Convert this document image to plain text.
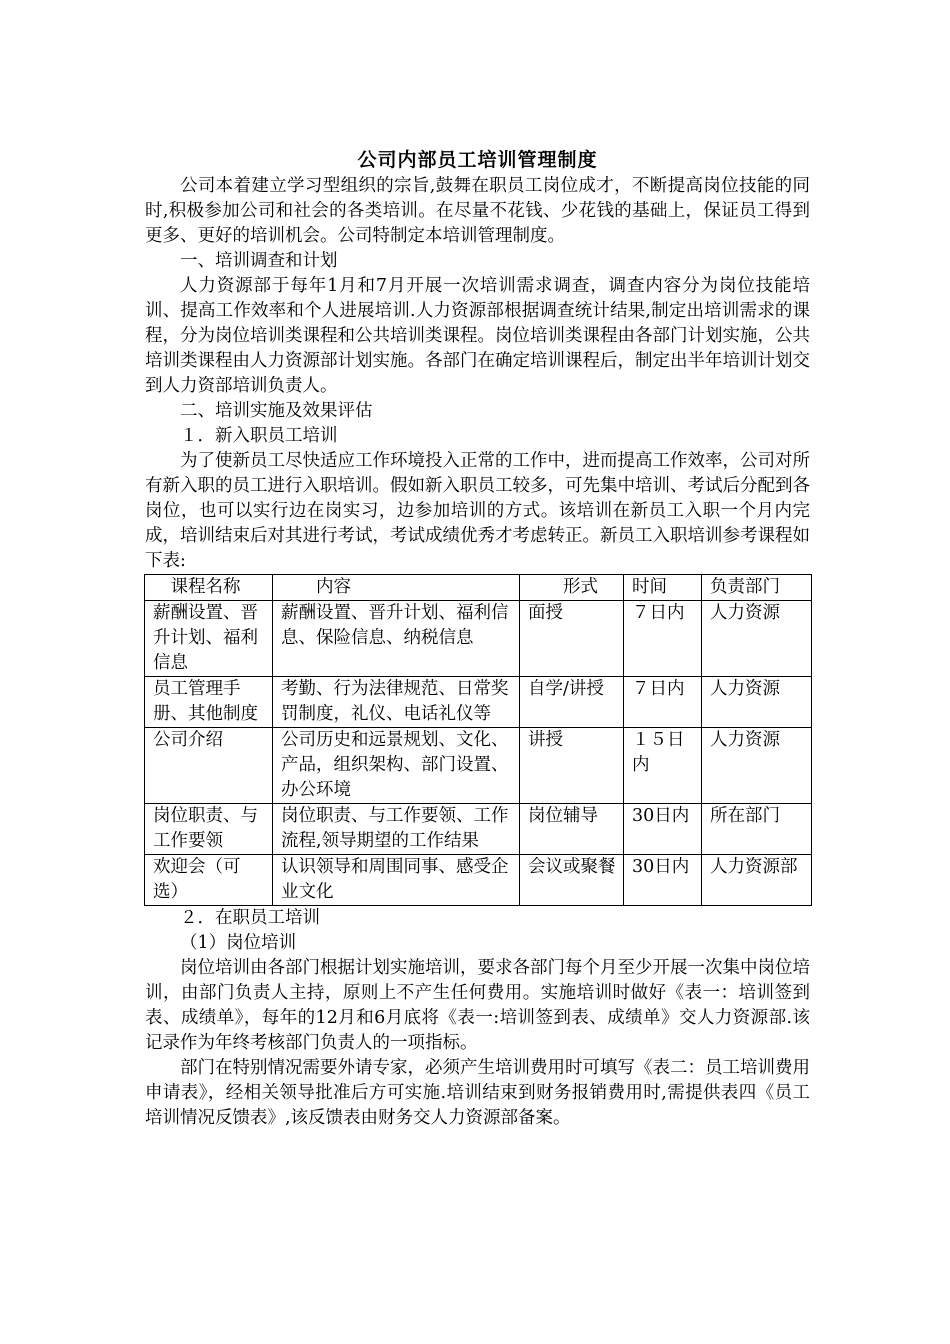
公司内部员工培训管理制度

公司本着建立学习型组织的宗旨,鼓舞在职员工岗位成才，不断提高岗位技能的同时,积极参加公司和社会的各类培训。在尽量不花钱、少花钱的基础上，保证员工得到更多、更好的培训机会。公司特制定本培训管理制度。

一、培训调查和计划

人力资源部于每年1月和7月开展一次培训需求调查，调查内容分为岗位技能培训、提高工作效率和个人进展培训.人力资源部根据调查统计结果,制定出培训需求的课程，分为岗位培训类课程和公共培训类课程。岗位培训类课程由各部门计划实施，公共培训类课程由人力资源部计划实施。各部门在确定培训课程后，制定出半年培训计划交到人力资部培训负责人。

二、培训实施及效果评估

１．新入职员工培训

为了使新员工尽快适应工作环境投入正常的工作中，进而提高工作效率，公司对所有新入职的员工进行入职培训。假如新入职员工较多，可先集中培训、考试后分配到各岗位，也可以实行边在岗实习，边参加培训的方式。该培训在新员工入职一个月内完成，培训结束后对其进行考试，考试成绩优秀才考虑转正。新员工入职培训参考课程如下表:

　课程名称	　　内容	　　形式	时间	负责部门
薪酬设置、晋升计划、福利信息	薪酬设置、晋升计划、福利信息、保险信息、纳税信息	面授	７日内	人力资源
员工管理手册、其他制度	考勤、行为法律规范、日常奖罚制度，礼仪、电话礼仪等	自学/讲授	７日内	人力资源
公司介绍	公司历史和远景规划、文化、产品，组织架构、部门设置、办公环境	讲授	１５日内	人力资源
岗位职责、与工作要领	岗位职责、与工作要领、工作流程,领导期望的工作结果	岗位辅导	30日内	所在部门
欢迎会（可选）	认识领导和周围同事、感受企业文化	会议或聚餐	30日内	人力资源部

２．在职员工培训

（1）岗位培训

岗位培训由各部门根据计划实施培训，要求各部门每个月至少开展一次集中岗位培训，由部门负责人主持，原则上不产生任何费用。实施培训时做好《表一：培训签到表、成绩单》，每年的12月和6月底将《表一:培训签到表、成绩单》交人力资源部.该记录作为年终考核部门负责人的一项指标。

部门在特别情况需要外请专家，必须产生培训费用时可填写《表二：员工培训费用申请表》，经相关领导批准后方可实施.培训结束到财务报销费用时,需提供表四《员工培训情况反馈表》,该反馈表由财务交人力资源部备案。
